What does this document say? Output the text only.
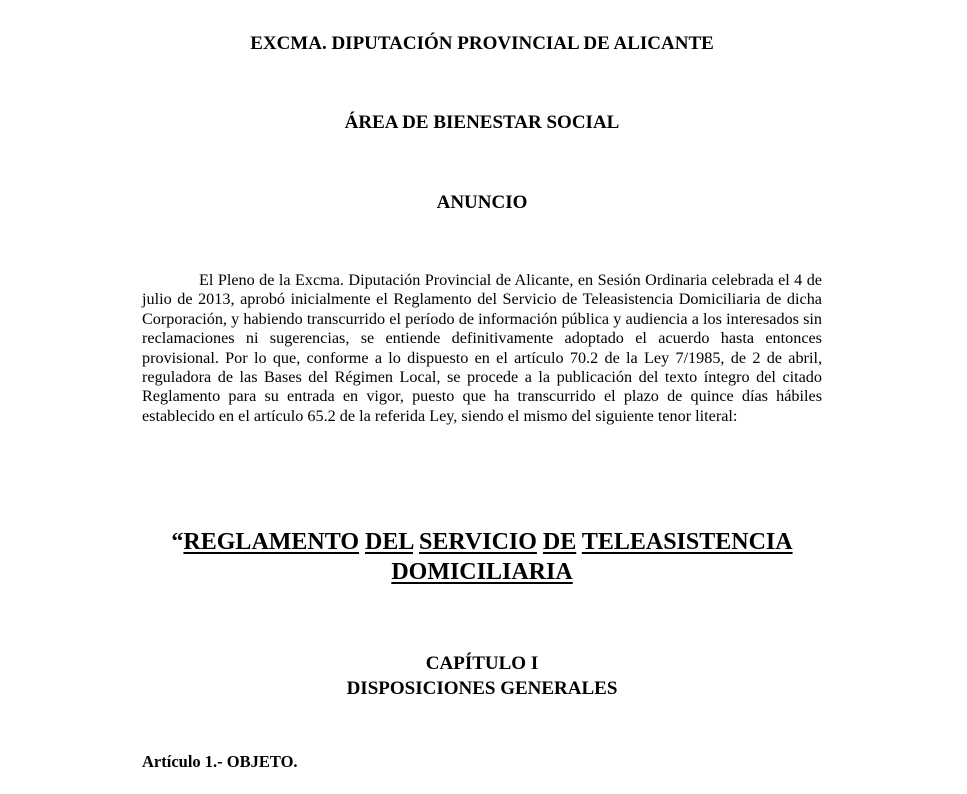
EXCMA. DIPUTACIÓN PROVINCIAL DE ALICANTE
ÁREA DE BIENESTAR SOCIAL
ANUNCIO

El Pleno de la Excma. Diputación Provincial de Alicante, en Sesión Ordinaria celebrada el 4 de julio de 2013, aprobó inicialmente el Reglamento del Servicio de Teleasistencia Domiciliaria de dicha Corporación, y habiendo transcurrido el período de información pública y audiencia a los interesados sin reclamaciones ni sugerencias, se entiende definitivamente adoptado el acuerdo hasta entonces provisional. Por lo que, conforme a lo dispuesto en el artículo 70.2 de la Ley 7/1985, de 2 de abril, reguladora de las Bases del Régimen Local, se procede a la publicación del texto íntegro del citado Reglamento para su entrada en vigor, puesto que ha transcurrido el plazo de quince días hábiles establecido en el artículo 65.2 de la referida Ley, siendo el mismo del siguiente tenor literal:

“REGLAMENTO DEL SERVICIO DE TELEASISTENCIA
DOMICILIARIA

CAPÍTULO I
DISPOSICIONES GENERALES
Artículo 1.- OBJETO.
